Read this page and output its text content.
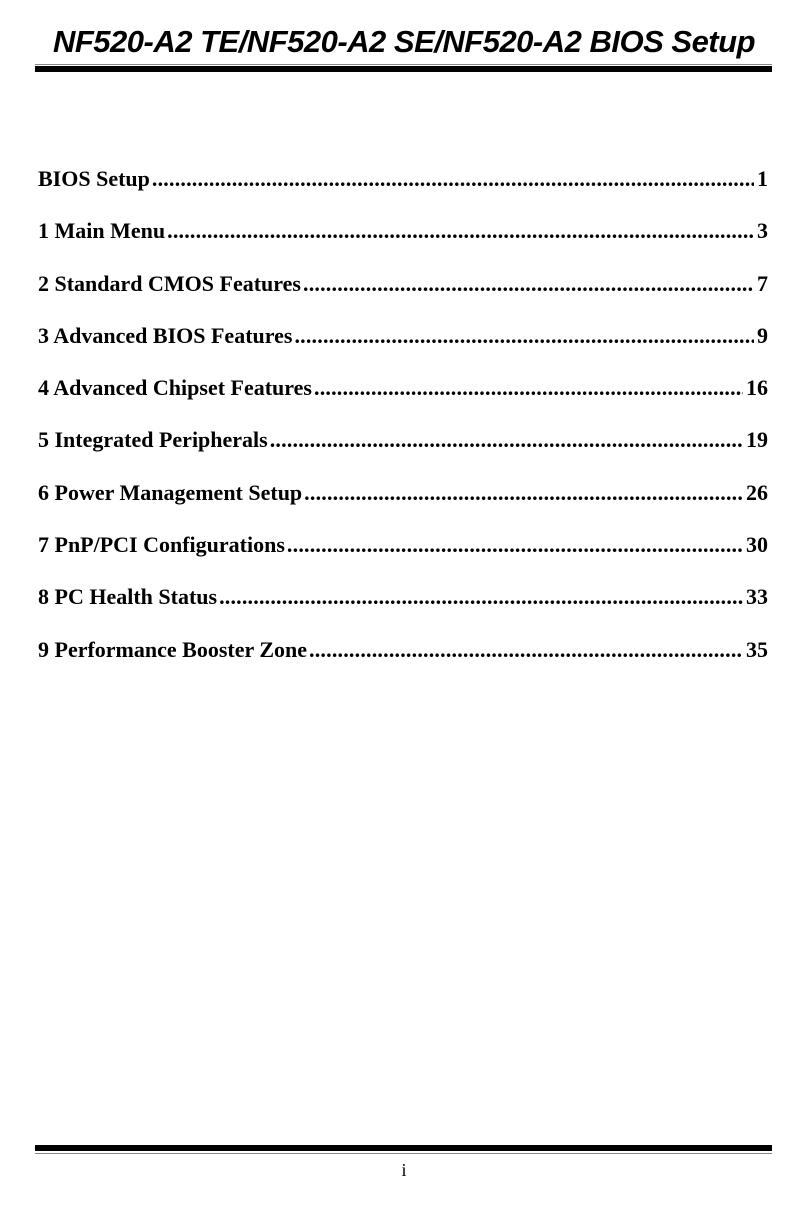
NF520-A2 TE/NF520-A2 SE/NF520-A2 BIOS Setup
BIOS Setup .....	1
1 Main Menu .....	3
2 Standard CMOS Features .....	7
3 Advanced BIOS Features .....	9
4 Advanced Chipset Features .....	16
5 Integrated Peripherals .....	19
6 Power Management Setup .....	26
7 PnP/PCI Configurations .....	30
8 PC Health Status .....	33
9 Performance Booster Zone .....	35
i
